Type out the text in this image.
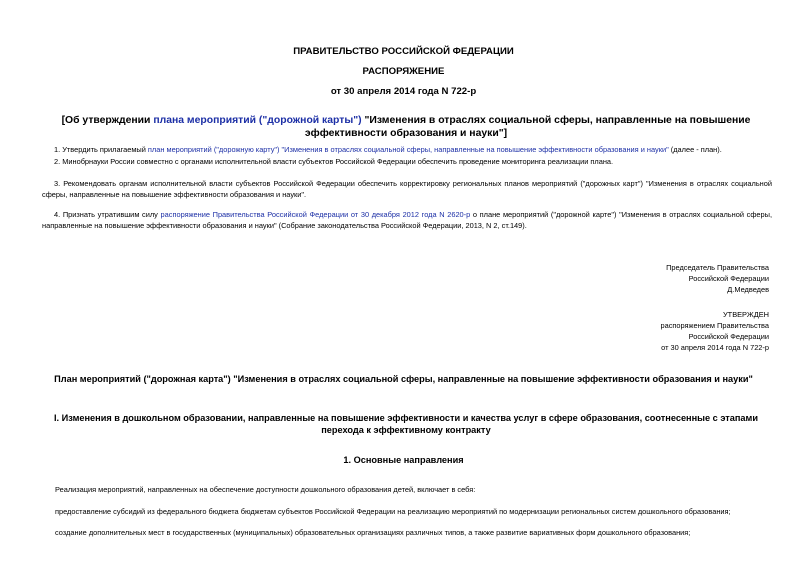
ПРАВИТЕЛЬСТВО РОССИЙСКОЙ ФЕДЕРАЦИИ
РАСПОРЯЖЕНИЕ
от 30 апреля 2014 года N 722-р
[Об утверждении плана мероприятий ("дорожной карты") "Изменения в отраслях социальной сферы, направленные на повышение эффективности образования и науки"]
1. Утвердить прилагаемый план мероприятий ("дорожную карту") "Изменения в отраслях социальной сферы, направленные на повышение эффективности образования и науки" (далее - план).
2. Минобрнауки России совместно с органами исполнительной власти субъектов Российской Федерации обеспечить проведение мониторинга реализации плана.
3. Рекомендовать органам исполнительной власти субъектов Российской Федерации обеспечить корректировку региональных планов мероприятий ("дорожных карт") "Изменения в отраслях социальной сферы, направленные на повышение эффективности образования и науки".
4. Признать утратившим силу распоряжение Правительства Российской Федерации от 30 декабря 2012 года N 2620-р о плане мероприятий ("дорожной карте") "Изменения в отраслях социальной сферы, направленные на повышение эффективности образования и науки" (Собрание законодательства Российской Федерации, 2013, N 2, ст.149).
Председатель Правительства
Российской Федерации
Д.Медведев
УТВЕРЖДЕН
распоряжением Правительства
Российской Федерации
от 30 апреля 2014 года N 722-р
План мероприятий ("дорожная карта") "Изменения в отраслях социальной сферы, направленные на повышение эффективности образования и науки"
I. Изменения в дошкольном образовании, направленные на повышение эффективности и качества услуг в сфере образования, соотнесенные с этапами перехода к эффективному контракту
1. Основные направления
Реализация мероприятий, направленных на обеспечение доступности дошкольного образования детей, включает в себя:
предоставление субсидий из федерального бюджета бюджетам субъектов Российской Федерации на реализацию мероприятий по модернизации региональных систем дошкольного образования;
создание дополнительных мест в государственных (муниципальных) образовательных организациях различных типов, а также развитие вариативных форм дошкольного образования;
